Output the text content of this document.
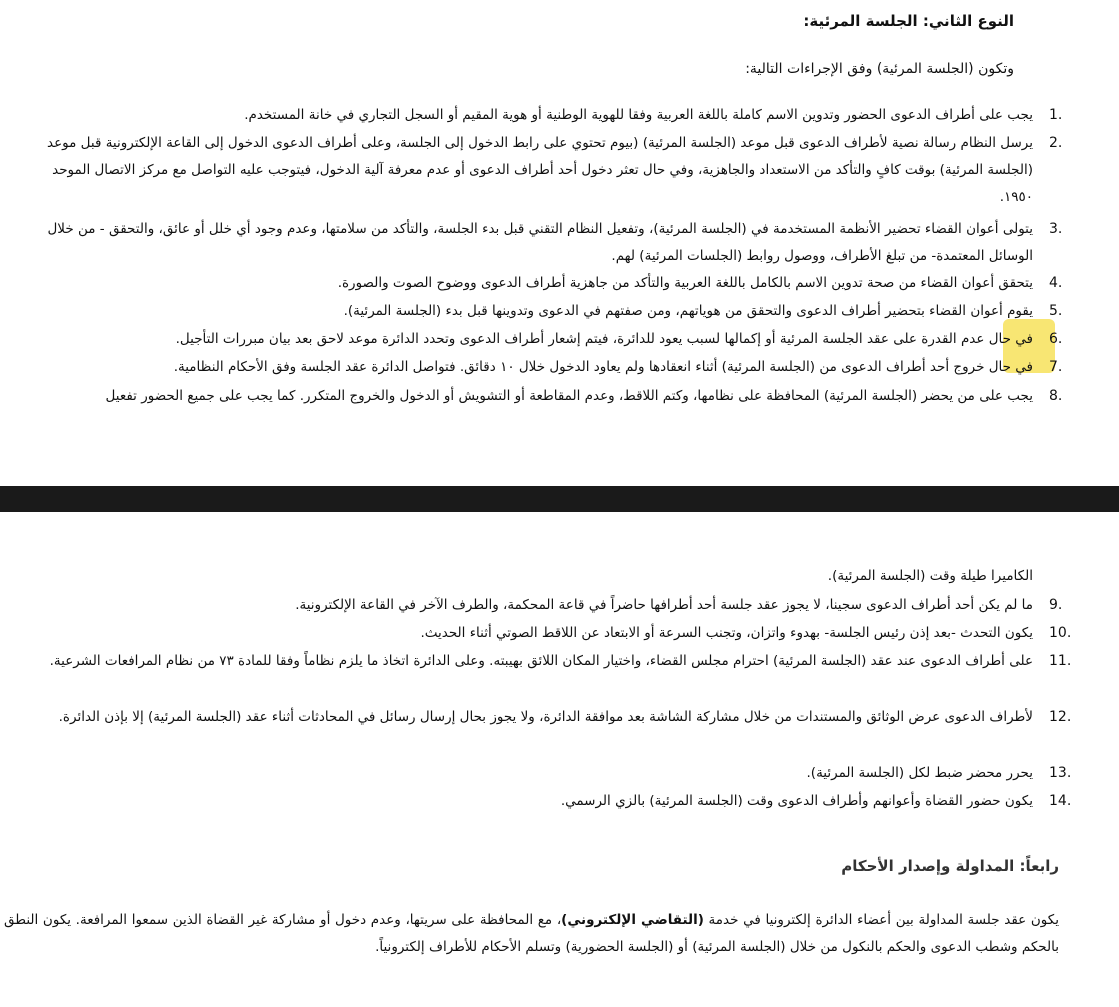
النوع الثاني: الجلسة المرئية:
وتكون (الجلسة المرئية) وفق الإجراءات التالية:
1.
يجب على أطراف الدعوى الحضور وتدوين الاسم كاملة باللغة العربية وفقا للهوية الوطنية أو هوية المقيم أو السجل التجاري في خانة المستخدم.
2.
يرسل النظام رسالة نصية لأطراف الدعوى قبل موعد (الجلسة المرئية) (بيوم تحتوي على رابط الدخول إلى الجلسة، وعلى أطراف الدعوى الدخول إلى القاعة الإلكترونية قبل موعد (الجلسة المرئية) بوقت كافٍ والتأكد من الاستعداد والجاهزية، وفي حال تعثر دخول أحد أطراف الدعوى أو عدم معرفة آلية الدخول، فيتوجب عليه التواصل مع مركز الاتصال الموحد ١٩٥٠.
3.
يتولى أعوان القضاء تحضير الأنظمة المستخدمة في (الجلسة المرئية)، وتفعيل النظام التقني قبل بدء الجلسة، والتأكد من سلامتها، وعدم وجود أي خلل أو عائق، والتحقق - من خلال الوسائل المعتمدة- من تبلغ الأطراف، ووصول روابط (الجلسات المرئية) لهم.
4.
يتحقق أعوان القضاء من صحة تدوين الاسم بالكامل باللغة العربية والتأكد من جاهزية أطراف الدعوى ووضوح الصوت والصورة.
5.
يقوم أعوان القضاء بتحضير أطراف الدعوى والتحقق من هوياتهم، ومن صفتهم في الدعوى وتدوينها قبل بدء (الجلسة المرئية).
6.
في حال عدم القدرة على عقد الجلسة المرئية أو إكمالها لسبب يعود للدائرة، فيتم إشعار أطراف الدعوى وتحدد الدائرة موعد لاحق بعد بيان مبررات التأجيل.
7.
في حال خروج أحد أطراف الدعوى من (الجلسة المرئية) أثناء انعقادها ولم يعاود الدخول خلال ١٠ دقائق. فتواصل الدائرة عقد الجلسة وفق الأحكام النظامية.
8.
يجب على من يحضر (الجلسة المرئية) المحافظة على نظامها، وكتم اللاقط، وعدم المقاطعة أو التشويش أو الدخول والخروج المتكرر. كما يجب على جميع الحضور تفعيل
الكاميرا طيلة وقت (الجلسة المرئية).
9.
ما لم يكن أحد أطراف الدعوى سجينا، لا يجوز عقد جلسة أحد أطرافها حاضراً في قاعة المحكمة، والطرف الآخر في القاعة الإلكترونية.
10.
يكون التحدث -بعد إذن رئيس الجلسة- بهدوء واتزان، وتجنب السرعة أو الابتعاد عن اللاقط الصوتي أثناء الحديث.
11.
على أطراف الدعوى عند عقد (الجلسة المرئية) احترام مجلس القضاء، واختيار المكان اللائق بهيبته. وعلى الدائرة اتخاذ ما يلزم نظاماً وفقا للمادة ٧٣ من نظام المرافعات الشرعية.
12.
لأطراف الدعوى عرض الوثائق والمستندات من خلال مشاركة الشاشة بعد موافقة الدائرة، ولا يجوز بحال إرسال رسائل في المحادثات أثناء عقد (الجلسة المرئية) إلا بإذن الدائرة.
13.
يحرر محضر ضبط لكل (الجلسة المرئية).
14.
يكون حضور القضاة وأعوانهم وأطراف الدعوى وقت (الجلسة المرئية) بالزي الرسمي.
رابعاً: المداولة وإصدار الأحكام
يكون عقد جلسة المداولة بين أعضاء الدائرة إلكترونيا في خدمة (التقاضي الإلكتروني)، مع المحافظة على سريتها، وعدم دخول أو مشاركة غير القضاة الذين سمعوا المرافعة. يكون النطق بالحكم وشطب الدعوى والحكم بالنكول من خلال (الجلسة المرئية) أو (الجلسة الحضورية) وتسلم الأحكام للأطراف إلكترونياً.
